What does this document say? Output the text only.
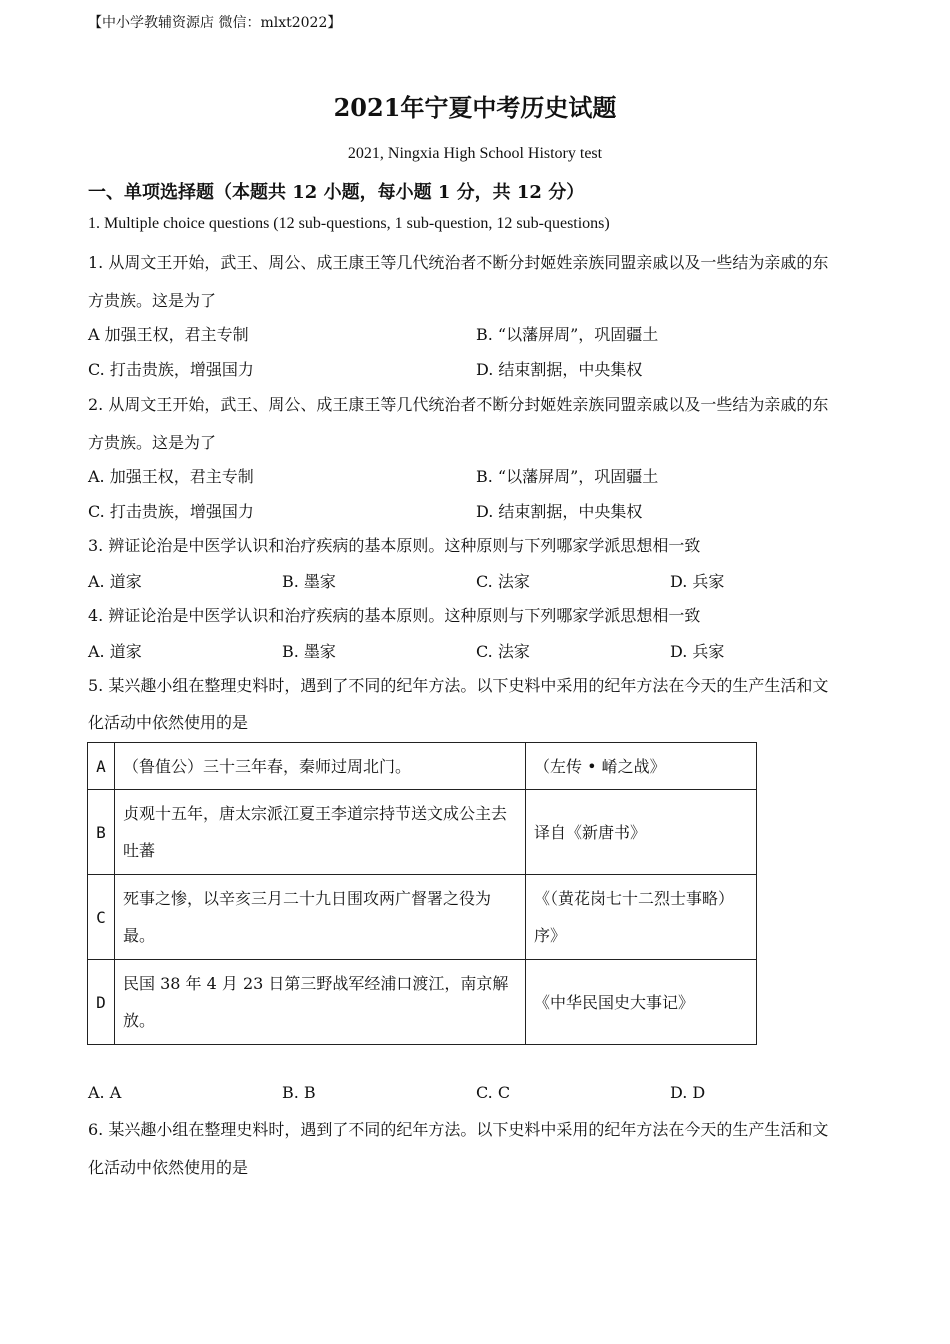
【中小学教辅资源店 微信：mlxt2022】
2021年宁夏中考历史试题
2021, Ningxia High School History test
一、单项选择题（本题共 12 小题，每小题 1 分，共 12 分）
1. Multiple choice questions (12 sub-questions, 1 sub-question, 12 sub-questions)
1. 从周文王开始，武王、周公、成王康王等几代统治者不断分封姬姓亲族同盟亲戚以及一些结为亲戚的东
方贵族。这是为了
A 加强王权，君主专制	B. “以藩屏周”，巩固疆土
C. 打击贵族，增强国力	D. 结束割据，中央集权
2. 从周文王开始，武王、周公、成王康王等几代统治者不断分封姬姓亲族同盟亲戚以及一些结为亲戚的东
方贵族。这是为了
A. 加强王权，君主专制	B. “以藩屏周”，巩固疆土
C. 打击贵族，增强国力	D. 结束割据，中央集权
3. 辨证论治是中医学认识和治疗疾病的基本原则。这种原则与下列哪家学派思想相一致
A. 道家	B. 墨家	C. 法家	D. 兵家
4. 辨证论治是中医学认识和治疗疾病的基本原则。这种原则与下列哪家学派思想相一致
A. 道家	B. 墨家	C. 法家	D. 兵家
5. 某兴趣小组在整理史料时，遇到了不同的纪年方法。以下史料中采用的纪年方法在今天的生产生活和文
化活动中依然使用的是
A	（鲁值公）三十三年春，秦师过周北门。	（左传 • 崤之战》
B	贞观十五年，唐太宗派江夏王李道宗持节送文成公主去吐蕃	译自《新唐书》
C	死事之惨，以辛亥三月二十九日围攻两广督署之役为最。	《（黄花岗七十二烈士事略）序》
D	民国 38 年 4 月 23 日第三野战军经浦口渡江，南京解放。	《中华民国史大事记》
A. A	B. B	C. C	D. D
6. 某兴趣小组在整理史料时，遇到了不同的纪年方法。以下史料中采用的纪年方法在今天的生产生活和文
化活动中依然使用的是
